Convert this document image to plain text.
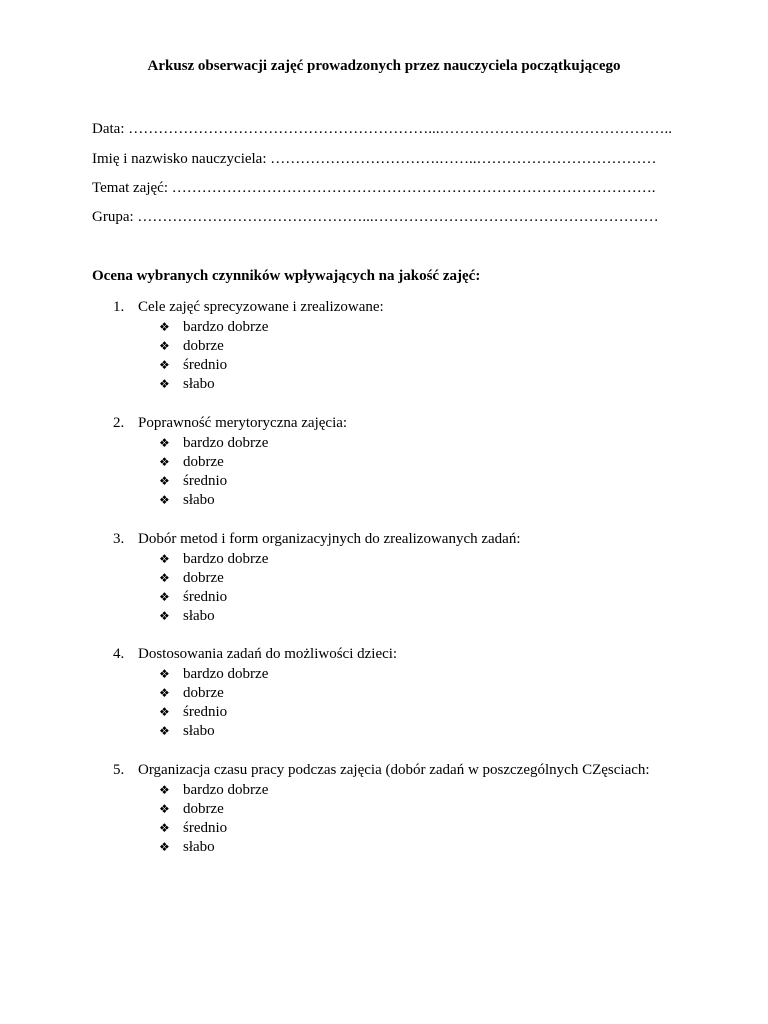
Arkusz obserwacji zajęć prowadzonych przez nauczyciela początkującego
Data: ……………………………………………………...………………………………………..
Imię i nazwisko nauczyciela: …………………………….……..………………………………
Temat zajęć: …………………………………………………………………………………….
Grupa: ………………………………………...…………………………………………………
Ocena wybranych czynników wpływających na jakość zajęć:
1. Cele zajęć sprecyzowane i zrealizowane:
❖ bardzo dobrze
❖ dobrze
❖ średnio
❖ słabo
2. Poprawność merytoryczna zajęcia:
❖ bardzo dobrze
❖ dobrze
❖ średnio
❖ słabo
3. Dobór metod i form organizacyjnych do zrealizowanych zadań:
❖ bardzo dobrze
❖ dobrze
❖ średnio
❖ słabo
4. Dostosowania zadań do możliwości dzieci:
❖ bardzo dobrze
❖ dobrze
❖ średnio
❖ słabo
5. Organizacja czasu pracy podczas zajęcia (dobór zadań w poszczególnych CZęsciach:
❖ bardzo dobrze
❖ dobrze
❖ średnio
❖ słabo
